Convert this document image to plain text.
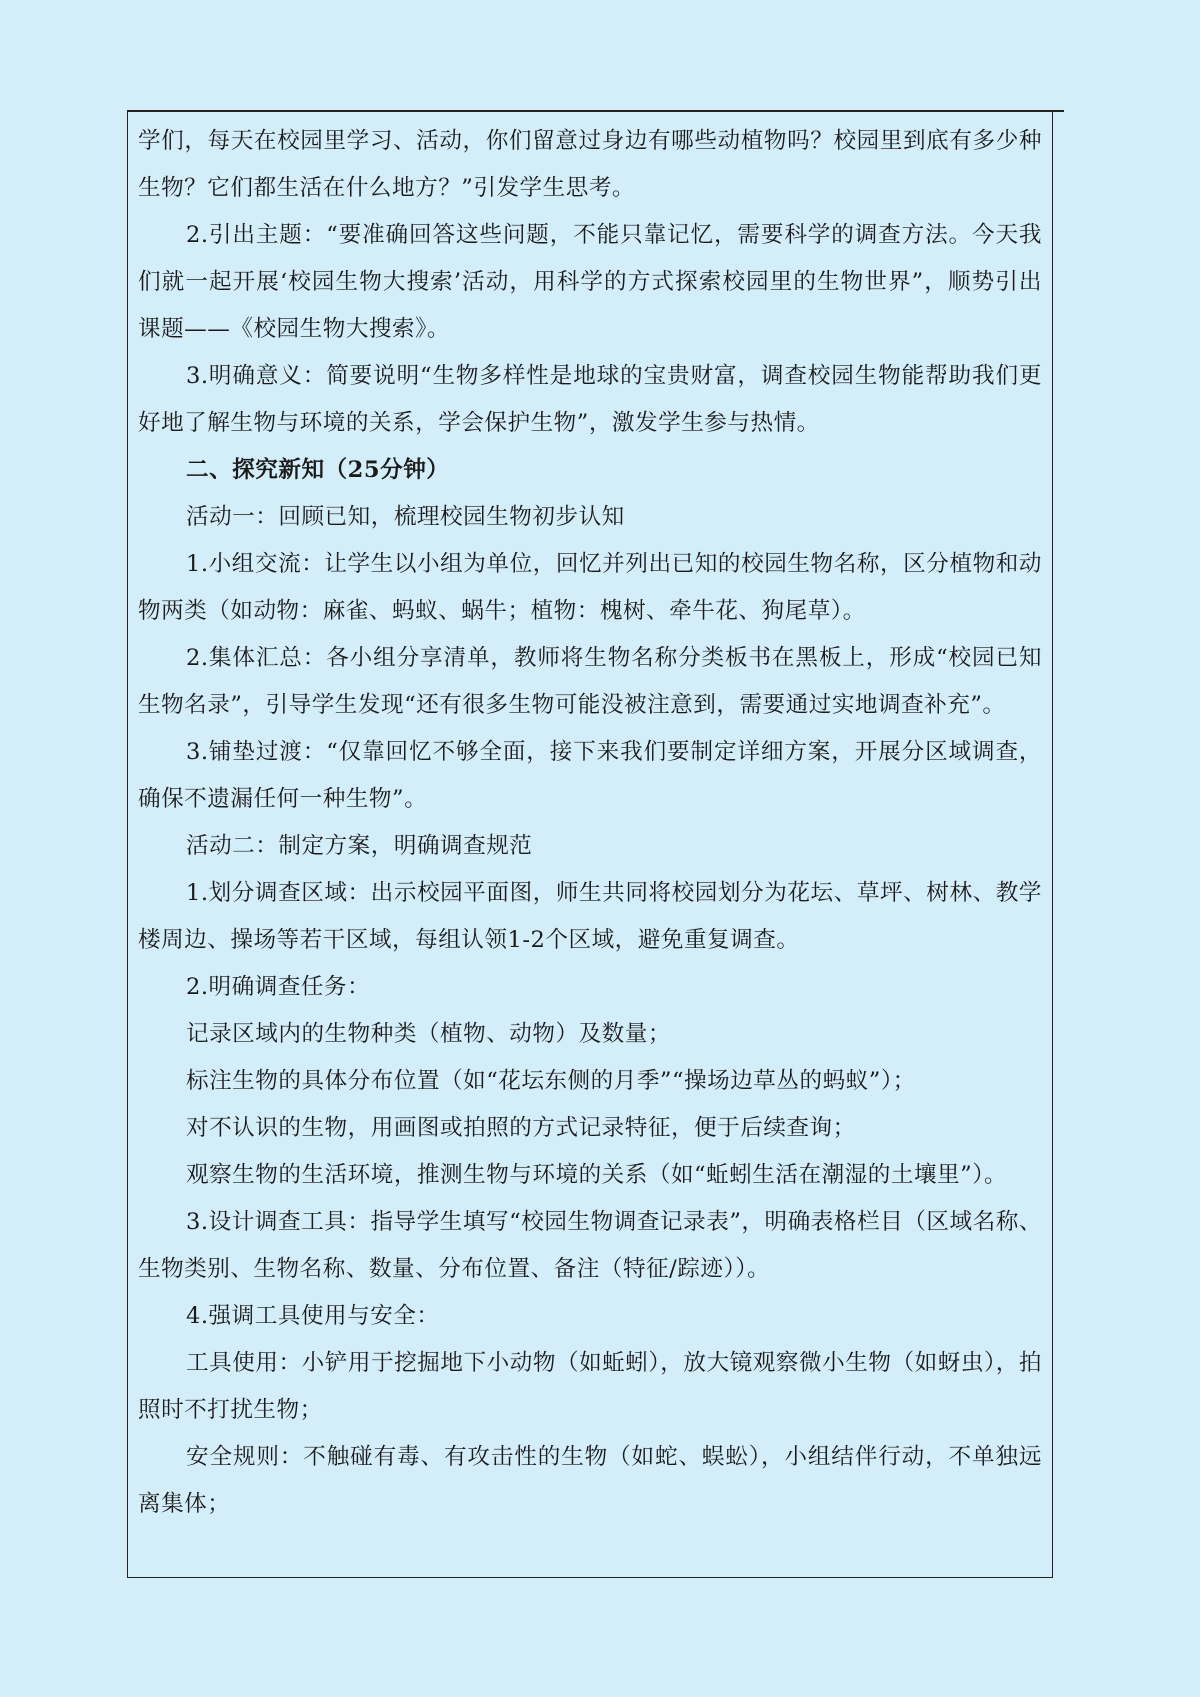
学们，每天在校园里学习、活动，你们留意过身边有哪些动植物吗？校园里到底有多少种生物？它们都生活在什么地方？”引发学生思考。

2.引出主题：“要准确回答这些问题，不能只靠记忆，需要科学的调查方法。今天我们就一起开展‘校园生物大搜索’活动，用科学的方式探索校园里的生物世界”，顺势引出课题——《校园生物大搜索》。

3.明确意义：简要说明“生物多样性是地球的宝贵财富，调查校园生物能帮助我们更好地了解生物与环境的关系，学会保护生物”，激发学生参与热情。

二、探究新知（25分钟）

活动一：回顾已知，梳理校园生物初步认知

1.小组交流：让学生以小组为单位，回忆并列出已知的校园生物名称，区分植物和动物两类（如动物：麻雀、蚂蚁、蜗牛；植物：槐树、牵牛花、狗尾草）。

2.集体汇总：各小组分享清单，教师将生物名称分类板书在黑板上，形成“校园已知生物名录”，引导学生发现“还有很多生物可能没被注意到，需要通过实地调查补充”。

3.铺垫过渡：“仅靠回忆不够全面，接下来我们要制定详细方案，开展分区域调查，确保不遗漏任何一种生物”。

活动二：制定方案，明确调查规范

1.划分调查区域：出示校园平面图，师生共同将校园划分为花坛、草坪、树林、教学楼周边、操场等若干区域，每组认领1-2个区域，避免重复调查。

2.明确调查任务：

记录区域内的生物种类（植物、动物）及数量；

标注生物的具体分布位置（如“花坛东侧的月季”“操场边草丛的蚂蚁”）；

对不认识的生物，用画图或拍照的方式记录特征，便于后续查询；

观察生物的生活环境，推测生物与环境的关系（如“蚯蚓生活在潮湿的土壤里”）。

3.设计调查工具：指导学生填写“校园生物调查记录表”，明确表格栏目（区域名称、生物类别、生物名称、数量、分布位置、备注（特征/踪迹））。

4.强调工具使用与安全：

工具使用：小铲用于挖掘地下小动物（如蚯蚓），放大镜观察微小生物（如蚜虫），拍照时不打扰生物；

安全规则：不触碰有毒、有攻击性的生物（如蛇、蜈蚣），小组结伴行动，不单独远离集体；
